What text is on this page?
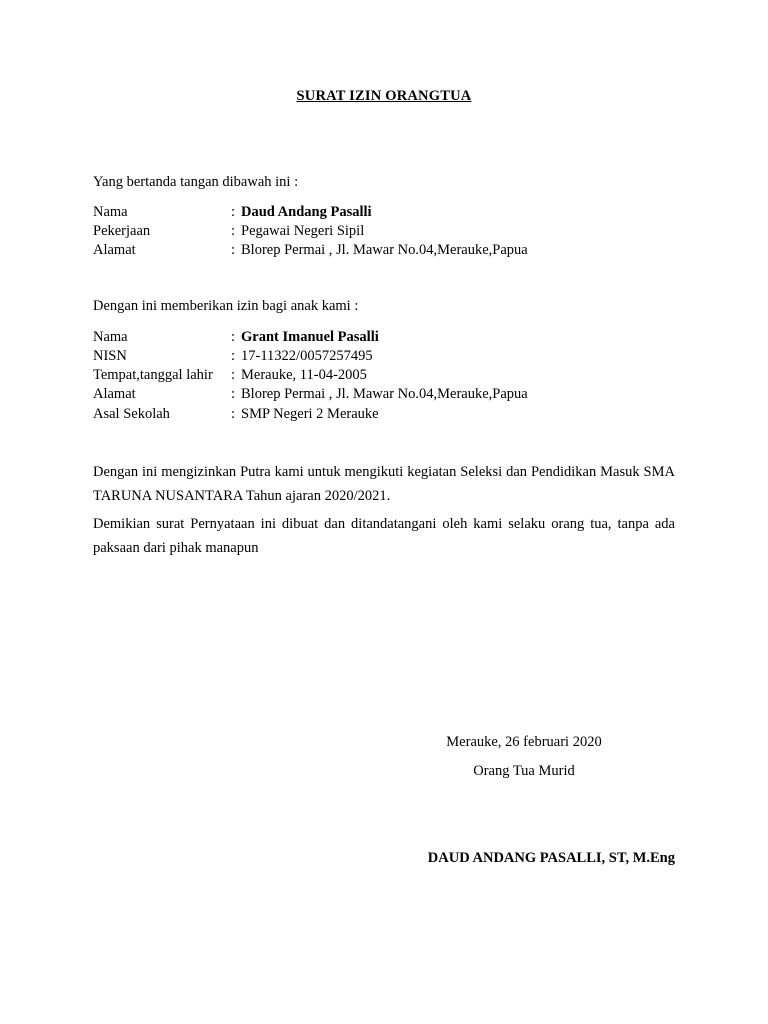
SURAT IZIN ORANGTUA
Yang bertanda tangan dibawah ini :
Nama	: Daud Andang Pasalli
Pekerjaan	: Pegawai Negeri Sipil
Alamat	: Blorep Permai , Jl. Mawar No.04,Merauke,Papua
Dengan ini memberikan izin bagi anak kami :
Nama	: Grant Imanuel Pasalli
NISN	: 17-11322/0057257495
Tempat,tanggal lahir : Merauke, 11-04-2005
Alamat	: Blorep Permai , Jl. Mawar No.04,Merauke,Papua
Asal Sekolah	: SMP Negeri 2 Merauke
Dengan ini mengizinkan Putra kami untuk mengikuti kegiatan Seleksi dan Pendidikan Masuk SMA TARUNA NUSANTARA Tahun ajaran 2020/2021.
Demikian surat Pernyataan ini dibuat dan ditandatangani oleh kami selaku orang tua, tanpa ada paksaan dari pihak manapun
Merauke, 26 februari 2020
Orang Tua Murid
DAUD ANDANG PASALLI, ST, M.Eng
